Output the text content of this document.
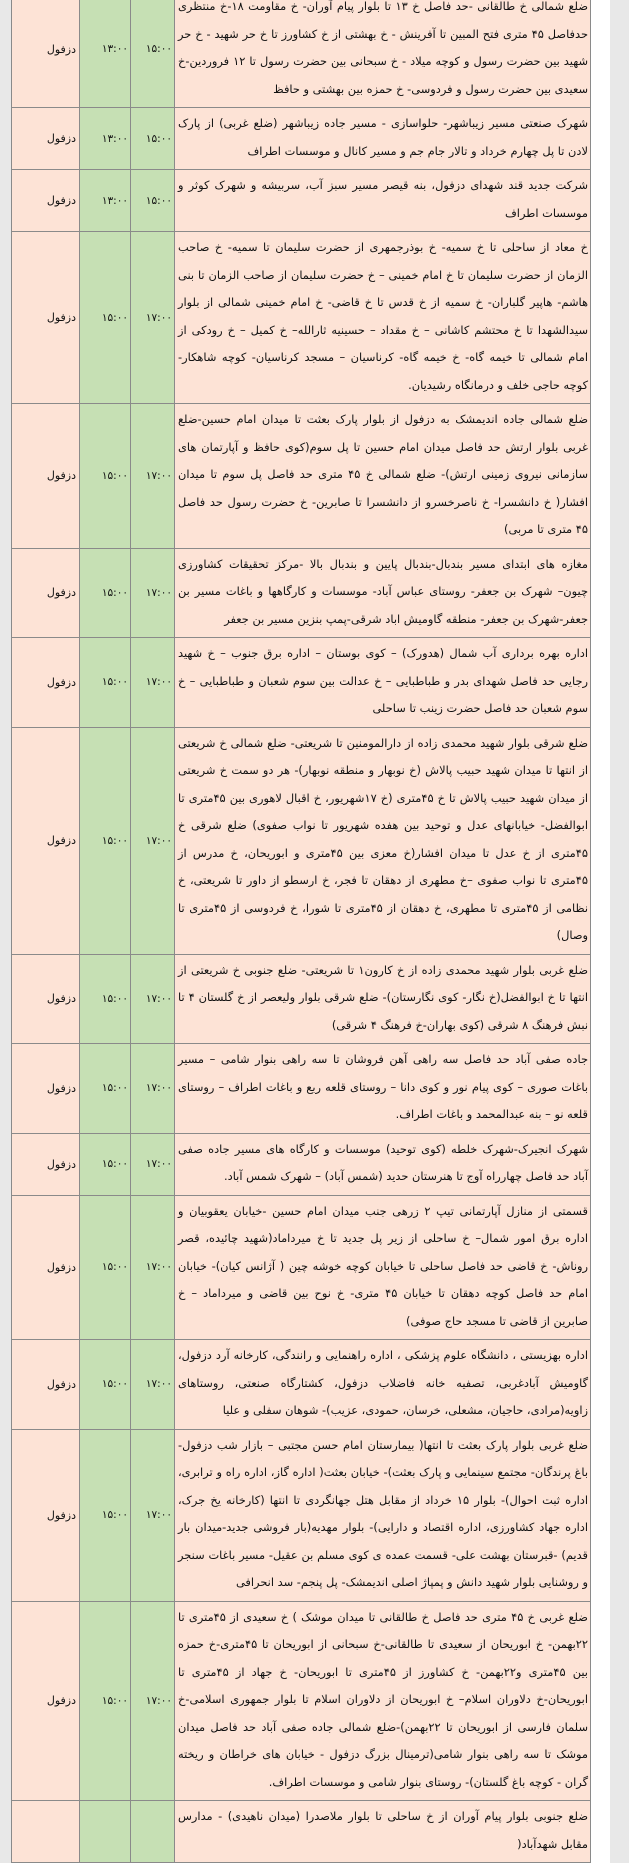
دزفول	۱۳:۰۰	۱۵:۰۰	ضلع شمالی خ طالقانی -حد فاصل خ ۱۳ تا بلوار پیام آوران- خ مقاومت ۱۸-خ منتظری حدفاصل ۴۵ متری فتح المبین تا آفرینش - خ بهشتی از خ کشاورز تا خ حر شهید - خ حر شهید بین حضرت رسول و کوچه میلاد - خ سبحانی بین حضرت رسول تا ۱۲ فروردین-خ سعیدی بین حضرت رسول و فردوسی- خ حمزه بین بهشتی و حافظ
دزفول	۱۳:۰۰	۱۵:۰۰	شهرک صنعتی مسیر زیباشهر- حلواسازی - مسیر جاده زیباشهر (ضلع غربی) از پارک لادن تا پل چهارم خرداد و تالار جام جم و مسیر کانال و موسسات اطراف
دزفول	۱۳:۰۰	۱۵:۰۰	شرکت جدید قند شهدای دزفول، بنه قیصر مسیر سبز آب، سربیشه و شهرک کوثر و موسسات اطراف
دزفول	۱۵:۰۰	۱۷:۰۰	خ معاد از ساحلی تا خ سمیه- خ بوذرجمهری از حضرت سلیمان تا سمیه- خ صاحب الزمان از حضرت سلیمان تا خ امام خمینی – خ حضرت سلیمان از صاحب الزمان تا بنی هاشم- هاپیر گلباران- خ سمیه از خ قدس تا خ قاضی- خ امام خمینی شمالی از بلوار سیدالشهدا تا خ محتشم کاشانی – خ مقداد – حسینیه ثارالله– خ کمیل – خ رودکی از امام شمالی تا خیمه گاه- خ خیمه گاه- کرناسیان – مسجد کرناسیان- کوچه شاهکار- کوچه حاجی خلف و درمانگاه رشیدیان.
دزفول	۱۵:۰۰	۱۷:۰۰	ضلع شمالی جاده اندیمشک به دزفول از بلوار پارک بعثت تا میدان امام حسین-ضلع غربی بلوار ارتش حد فاصل میدان امام حسین تا پل سوم(کوی حافظ و آپارتمان های سازمانی نیروی زمینی ارتش)- ضلع شمالی خ ۴۵ متری حد فاصل پل سوم تا میدان افشار( خ دانشسرا- خ ناصرخسرو از دانشسرا تا صابرین- خ حضرت رسول حد فاصل ۴۵ متری تا مربی)
دزفول	۱۵:۰۰	۱۷:۰۰	مغازه های ابتدای مسیر بندبال-بندبال پایین و بندبال بالا -مرکز تحقیقات کشاورزی چیون– شهرک بن جعفر- روستای عباس آباد- موسسات و کارگاهها و باغات مسیر بن جعفر-شهرک بن جعفر- منطقه گاومیش اباد شرقی-پمپ بنزین مسیر بن جعفر
دزفول	۱۵:۰۰	۱۷:۰۰	اداره بهره برداری آب شمال (هدورک) – کوی بوستان – اداره برق جنوب – خ شهید رجایی حد فاصل شهدای بدر و طباطبایی – خ عدالت بین سوم شعبان و طباطبایی – خ سوم شعبان حد فاصل حضرت زینب تا ساحلی
دزفول	۱۵:۰۰	۱۷:۰۰	ضلع شرقی بلوار شهید محمدی زاده از دارالمومنین تا شریعتی- ضلع شمالی خ شریعتی از انتها تا میدان شهید حبیب پالاش (خ نوبهار و منطقه نوبهار)- هر دو سمت خ شریعتی از میدان شهید حبیب پالاش تا خ ۴۵متری (خ ۱۷شهریور، خ اقبال لاهوری بین ۴۵متری تا ابوالفضل- خیابانهای عدل و توحید بین هفده شهریور تا نواب صفوی) ضلع شرقی خ ۴۵متری از خ عدل تا میدان افشار(خ معزی بین ۴۵متری و ابوریحان، خ مدرس از ۴۵متری تا نواب صفوی –خ مطهری از دهقان تا فجر، خ ارسطو از داور تا شریعتی، خ نظامی از ۴۵متری تا مطهری، خ دهقان از ۴۵متری تا شورا، خ فردوسی از ۴۵متری تا وصال)
دزفول	۱۵:۰۰	۱۷:۰۰	ضلع غربی بلوار شهید محمدی زاده از خ کارون۱ تا شریعتی- ضلع جنوبی خ شریعتی از انتها تا خ ابوالفضل(خ نگار- کوی نگارستان)- ضلع شرقی بلوار ولیعصر از خ گلستان ۴ تا نبش فرهنگ ۸ شرقی (کوی بهاران-خ فرهنگ ۴ شرقی)
دزفول	۱۵:۰۰	۱۷:۰۰	جاده صفی آباد حد فاصل سه راهی آهن فروشان تا سه راهی بنوار شامی – مسیر باغات صوری – کوی پیام نور و کوی دانا – روستای قلعه ربع و باغات اطراف – روستای قلعه نو – بنه عبدالمحمد و باغات اطراف.
دزفول	۱۵:۰۰	۱۷:۰۰	شهرک انجیرک-شهرک خلطه (کوی توحید) موسسات و کارگاه های مسیر جاده صفی آباد حد فاصل چهارراه آوج تا هنرستان حدید (شمس آباد) – شهرک شمس آباد.
دزفول	۱۵:۰۰	۱۷:۰۰	قسمتی از منازل آپارتمانی تیپ ۲ زرهی جنب میدان امام حسین -خیابان یعقوبیان و اداره برق امور شمال– خ ساحلی از زیر پل جدید تا خ میرداماد(شهید چائیده، قصر روناش- خ قاضی حد فاصل ساحلی تا خیابان کوچه خوشه چین ( آژانس کیان)- خیابان امام حد فاصل کوچه دهقان تا خیابان ۴۵ متری- خ نوح بین قاضی و میرداماد – خ صابرین از قاضی تا مسجد حاج صوفی)
دزفول	۱۵:۰۰	۱۷:۰۰	اداره بهزیستی ، دانشگاه علوم پزشکی ، اداره راهنمایی و رانندگی، کارخانه آرد دزفول، گاومیش آبادغربی، تصفیه خانه فاضلاب دزفول، کشتارگاه صنعتی، روستاهای زاویه(مرادی، حاجیان، مشعلی، خرسان، حمودی، عزیب)- شوهان سفلی و علیا
دزفول	۱۵:۰۰	۱۷:۰۰	ضلع غربی بلوار پارک بعثت تا انتها( بیمارستان امام حسن مجتبی – بازار شب دزفول- باغ پرندگان- مجتمع سینمایی و پارک بعثت)- خیابان بعثت( اداره گاز، اداره راه و ترابری، اداره ثبت احوال)- بلوار ۱۵ خرداد از مقابل هتل جهانگردی تا انتها (کارخانه یخ جرک، اداره جهاد کشاورزی، اداره اقتصاد و دارایی)- بلوار مهدیه(بار فروشی جدید-میدان بار قدیم) -قبرستان بهشت علی- قسمت عمده ی کوی مسلم بن عقیل- مسیر باغات سنجر و روشنایی بلوار شهید دانش و پمپاژ اصلی اندیمشک- پل پنجم- سد انحرافی
دزفول	۱۵:۰۰	۱۷:۰۰	ضلع غربی خ ۴۵ متری حد فاصل خ طالقانی تا میدان موشک ) خ سعیدی از ۴۵متری تا ۲۲بهمن- خ ابوریحان از سعیدی تا طالقانی-خ سبحانی از ابوریحان تا ۴۵متری-خ حمزه بین ۴۵متری و۲۲بهمن- خ کشاورز از ۴۵متری تا ابوریحان- خ جهاد از ۴۵متری تا ابوریحان-خ دلاوران اسلام– خ ابوریحان از دلاوران اسلام تا بلوار جمهوری اسلامی-خ سلمان فارسی از ابوریحان تا ۲۲بهمن)-ضلع شمالی جاده صفی آباد حد فاصل میدان موشک تا سه راهی بنوار شامی(ترمینال بزرگ دزفول - خیابان های خراطان و ریخته گران - کوچه باغ گلستان)- روستای بنوار شامی و موسسات اطراف.
			ضلع جنوبی بلوار پیام آوران از خ ساحلی تا بلوار ملاصدرا (میدان ناهیدی) - مدارس مقابل شهدآباد(
